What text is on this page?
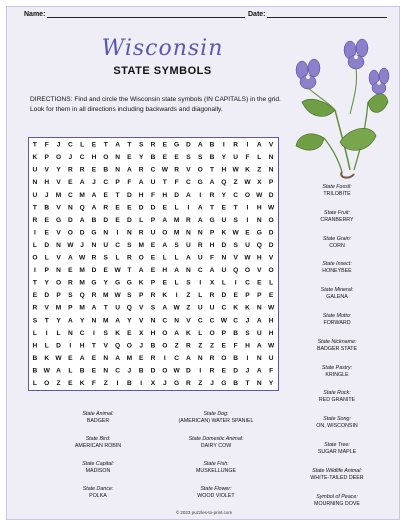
Name:	Date:
Wisconsin
STATE SYMBOLS
DIRECTIONS: Find and circle the Wisconsin state symbols (IN CAPITALS) in the grid. Look for them in all directions including backwards and diagonally.
T F J C L E T A T S R E G D A B I R I A V
K P O J C H O N E Y B E E S S B Y U F L N
U V Y R R E B N A R C W R V O T H W K Z N
N H V E A J C P F A U T F C G A Q Z W X P
U J M C M A E T D H F H D A I R Y C O W D
T B V N Q A R E E D D E L I A T E T I H W
R E G D A B D E D L P A M R A G U S I N O
I E V O D G N I N R U O M N N P K W E G D
L D N W J N U C S M E A S U R H D S U Q D
O L V A W R S L R O E L L A U F N V W H V
I P N E M D E W T A E H A N C A U Q O V O
T Y O R M G Y G G K P E L S I X L I C E L
E D P S Q R M W S P R K I Z L R D E P P E
R V M P M A T U Q V S A W Z U U C K K N W
S T Y A Y N M A Y V N C N V C C W C J A H
L I L N C I S K E X H O A K L O P B S U H
H L D I H T V Q O J B O Z R Z Z E F H A W
B K W E A E N A M E R I C A N R O B I N U
B W A L B E N C J B D O W D I R E D J A F
L O Z E K F Z I B I X J G R Z J G B T N Y
© 2023 puzzles-to-print.com
State Fossil:
TRILOBITE
State Fruit:
CRANBERRY
State Grain:
CORN
State Insect:
HONEYBEE
State Mineral:
GALENA
State Motto:
FORWARD
State Nickname:
BADGER STATE
State Pastry:
KRINGLE
State Rock:
RED GRANITE
State Song:
ON, WISCONSIN
State Tree:
SUGAR MAPLE
State Wildlife Animal:
WHITE-TAILED DEER
Symbol of Peace:
MOURNING DOVE
State Animal:
BADGER
State Bird:
AMERICAN ROBIN
State Capital:
MADISON
State Dance:
POLKA
State Dog:
(AMERICAN) WATER SPANIEL
State Domestic Animal:
DAIRY COW
State Fish:
MUSKELLUNGE
State Flower:
WOOD VIOLET
